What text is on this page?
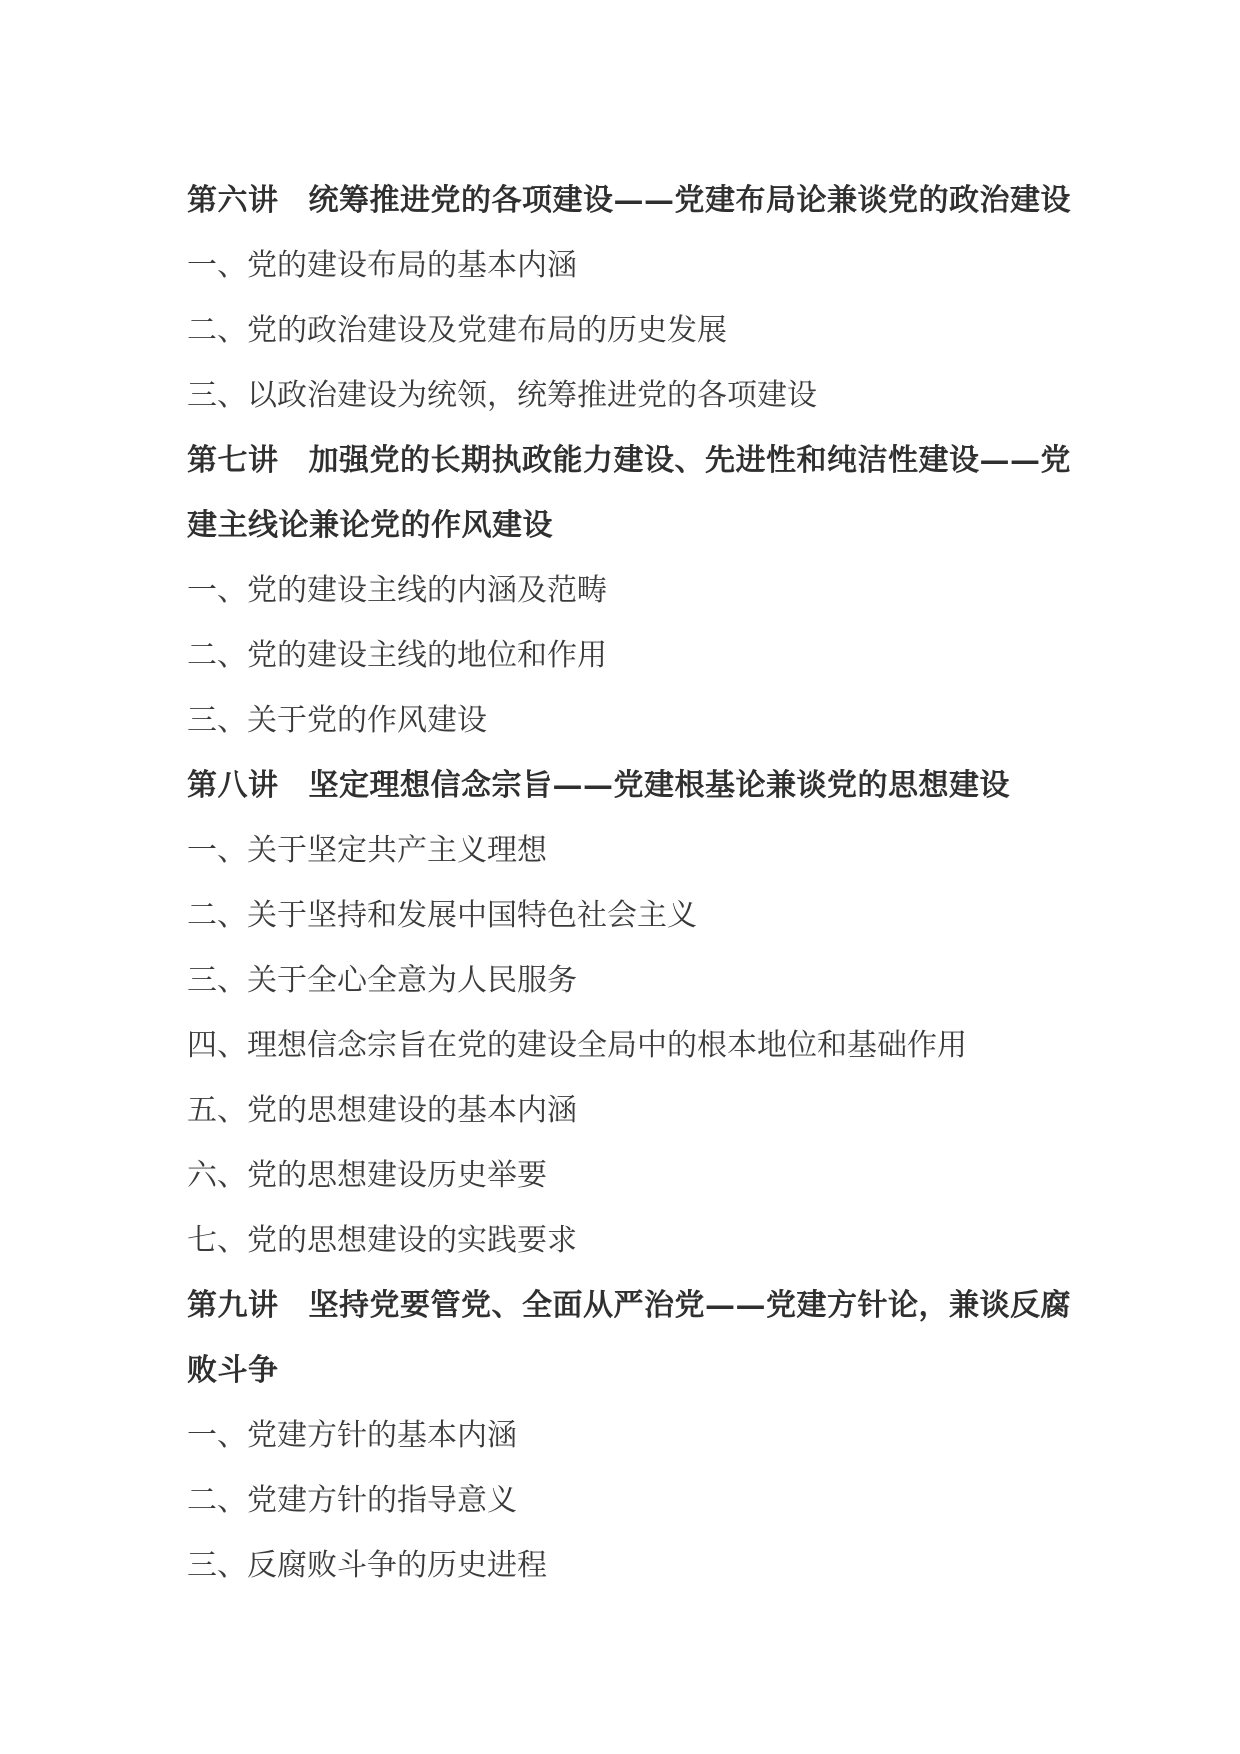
第六讲 统筹推进党的各项建设——党建布局论兼谈党的政治建设
一、党的建设布局的基本内涵
二、党的政治建设及党建布局的历史发展
三、以政治建设为统领，统筹推进党的各项建设
第七讲 加强党的长期执政能力建设、先进性和纯洁性建设——党
建主线论兼论党的作风建设
一、党的建设主线的内涵及范畴
二、党的建设主线的地位和作用
三、关于党的作风建设
第八讲 坚定理想信念宗旨——党建根基论兼谈党的思想建设
一、关于坚定共产主义理想
二、关于坚持和发展中国特色社会主义
三、关于全心全意为人民服务
四、理想信念宗旨在党的建设全局中的根本地位和基础作用
五、党的思想建设的基本内涵
六、党的思想建设历史举要
七、党的思想建设的实践要求
第九讲 坚持党要管党、全面从严治党——党建方针论，兼谈反腐
败斗争
一、党建方针的基本内涵
二、党建方针的指导意义
三、反腐败斗争的历史进程
